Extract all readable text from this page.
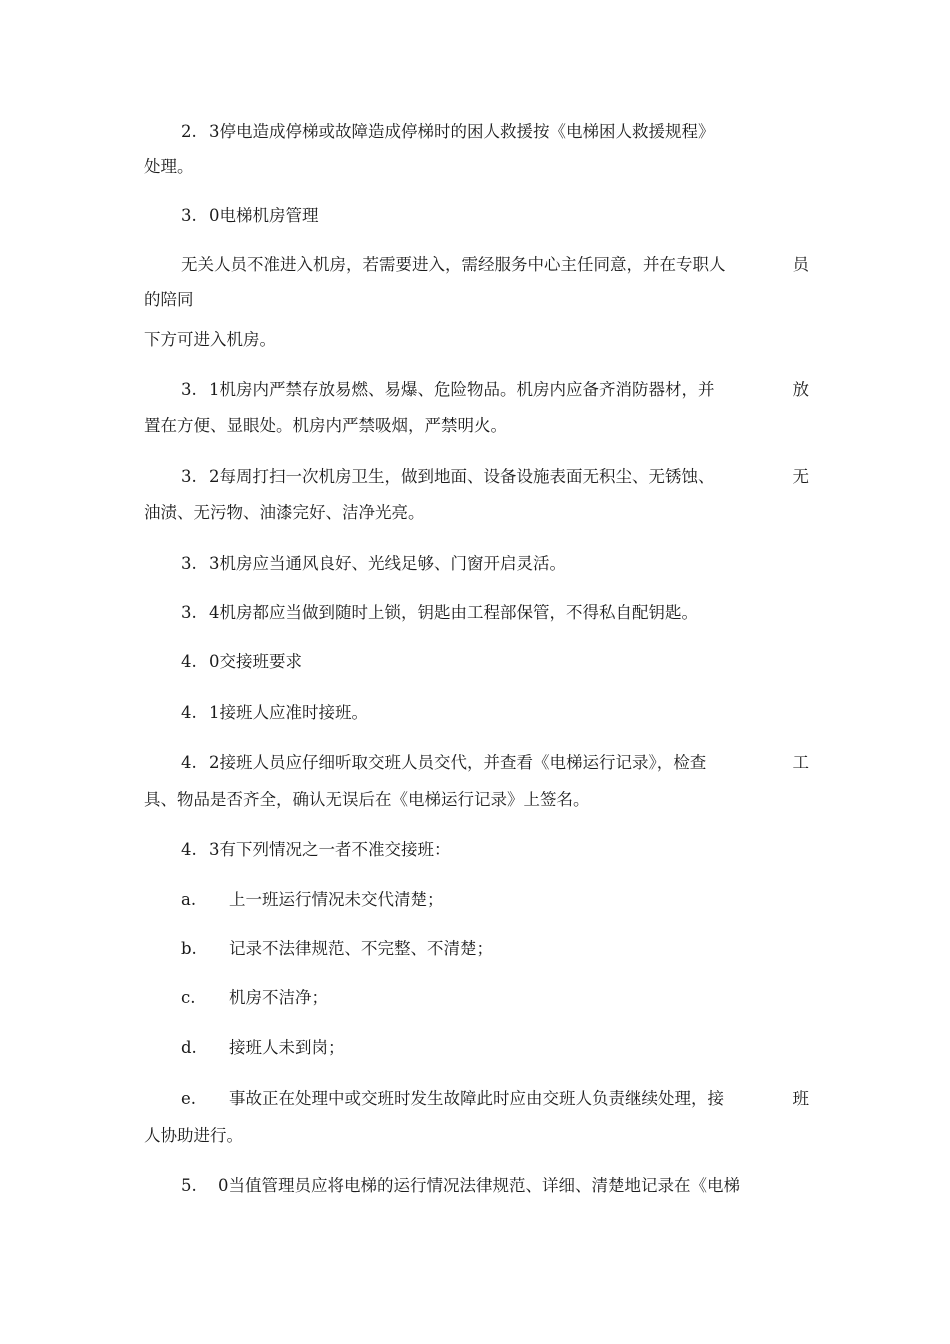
2. 3停电造成停梯或故障造成停梯时的困人救援按《电梯困人救援规程》
处理。
3. 0电梯机房管理
无关人员不准进入机房，若需要进入，需经服务中心主任同意，并在专职人	员
的陪同
下方可进入机房。
3. 1机房内严禁存放易燃、易爆、危险物品。机房内应备齐消防器材，并	放
置在方便、显眼处。机房内严禁吸烟，严禁明火。
3. 2每周打扫一次机房卫生，做到地面、设备设施表面无积尘、无锈蚀、	无
油渍、无污物、油漆完好、洁净光亮。
3. 3机房应当通风良好、光线足够、门窗开启灵活。
3. 4机房都应当做到随时上锁，钥匙由工程部保管，不得私自配钥匙。
4. 0交接班要求
4. 1接班人应准时接班。
4. 2接班人员应仔细听取交班人员交代，并查看《电梯运行记录》，检查	工
具、物品是否齐全，确认无误后在《电梯运行记录》上签名。
4. 3有下列情况之一者不准交接班：
a. 上一班运行情况未交代清楚；
b. 记录不法律规范、不完整、不清楚；
c. 机房不洁净；
d. 接班人未到岗；
e. 事故正在处理中或交班时发生故障此时应由交班人负责继续处理，接	班
人协助进行。
5. 0当值管理员应将电梯的运行情况法律规范、详细、清楚地记录在《电梯
